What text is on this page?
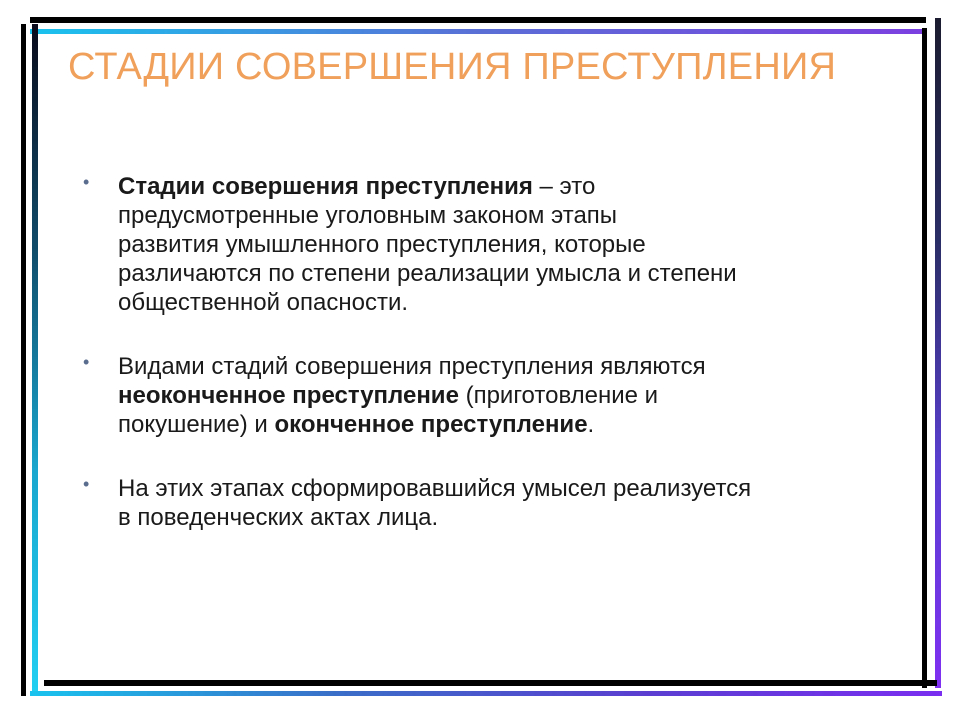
СТАДИИ СОВЕРШЕНИЯ ПРЕСТУПЛЕНИЯ
• Стадии совершения преступления – это
предусмотренные уголовным законом этапы
развития умышленного преступления, которые
различаются по степени реализации умысла и степени
общественной опасности.
• Видами стадий совершения преступления являются
неоконченное преступление (приготовление и
покушение) и оконченное преступление.
• На этих этапах сформировавшийся умысел реализуется
в поведенческих актах лица.
